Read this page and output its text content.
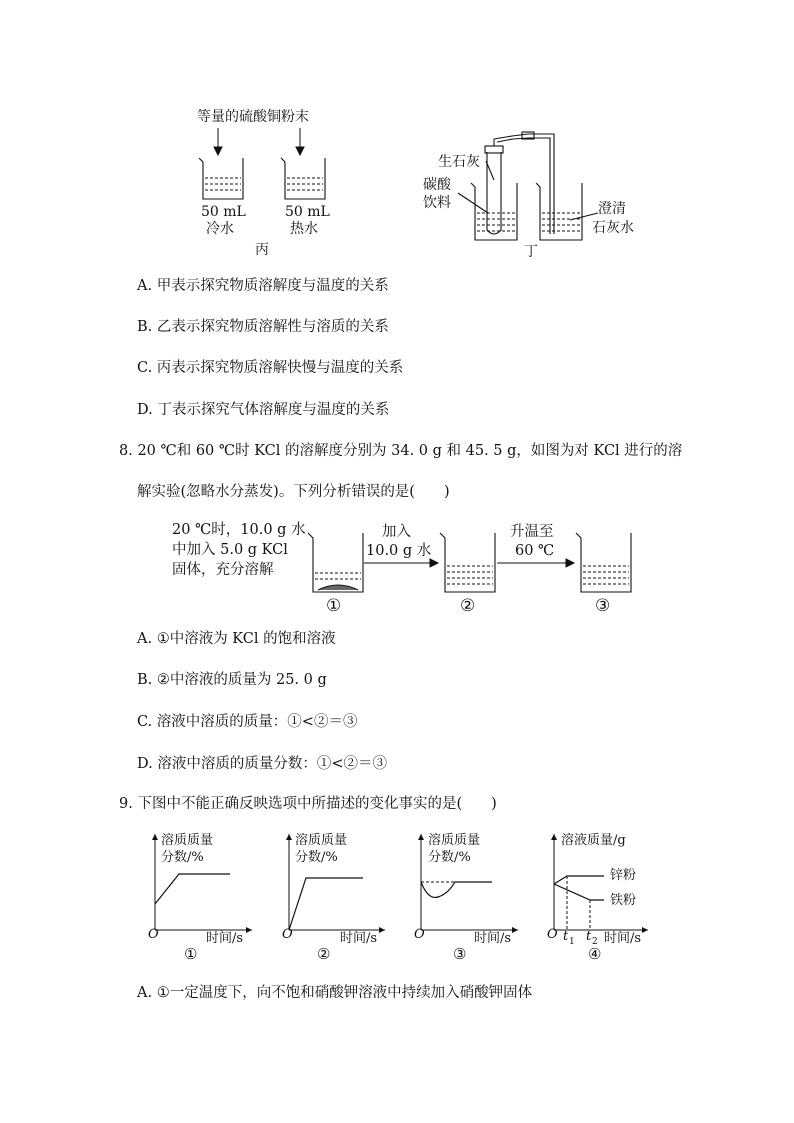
等量的硫酸铜粉末
50 mL
冷水
50 mL
热水
丙
生石灰
碳酸
饮料	澄清
石灰水
丁
A. 甲表示探究物质溶解度与温度的关系
B. 乙表示探究物质溶解性与溶质的关系
C. 丙表示探究物质溶解快慢与温度的关系
D. 丁表示探究气体溶解度与温度的关系
8. 20 ℃和 60 ℃时 KCl 的溶解度分别为 34. 0 g 和 45. 5 g，如图为对 KCl 进行的溶
解实验(忽略水分蒸发)。下列分析错误的是(　　)
20 ℃时，10.0 g 水
中加入 5.0 g KCl
固体，充分溶解
加入
10.0 g 水
升温至
60 ℃
①	②	③
A. ①中溶液为 KCl 的饱和溶液
B. ②中溶液的质量为 25. 0 g
C. 溶液中溶质的质量：①<②＝③
D. 溶液中溶质的质量分数：①<②＝③
9. 下图中不能正确反映选项中所描述的变化事实的是(　　)
溶质质量
分数/%
O	时间/s
①
溶质质量
分数/%
O	时间/s
②
溶质质量
分数/%
O	时间/s
③
溶液质量/g
锌粉
铁粉
O t 1 t 2 时间/s
④
A. ①一定温度下，向不饱和硝酸钾溶液中持续加入硝酸钾固体
